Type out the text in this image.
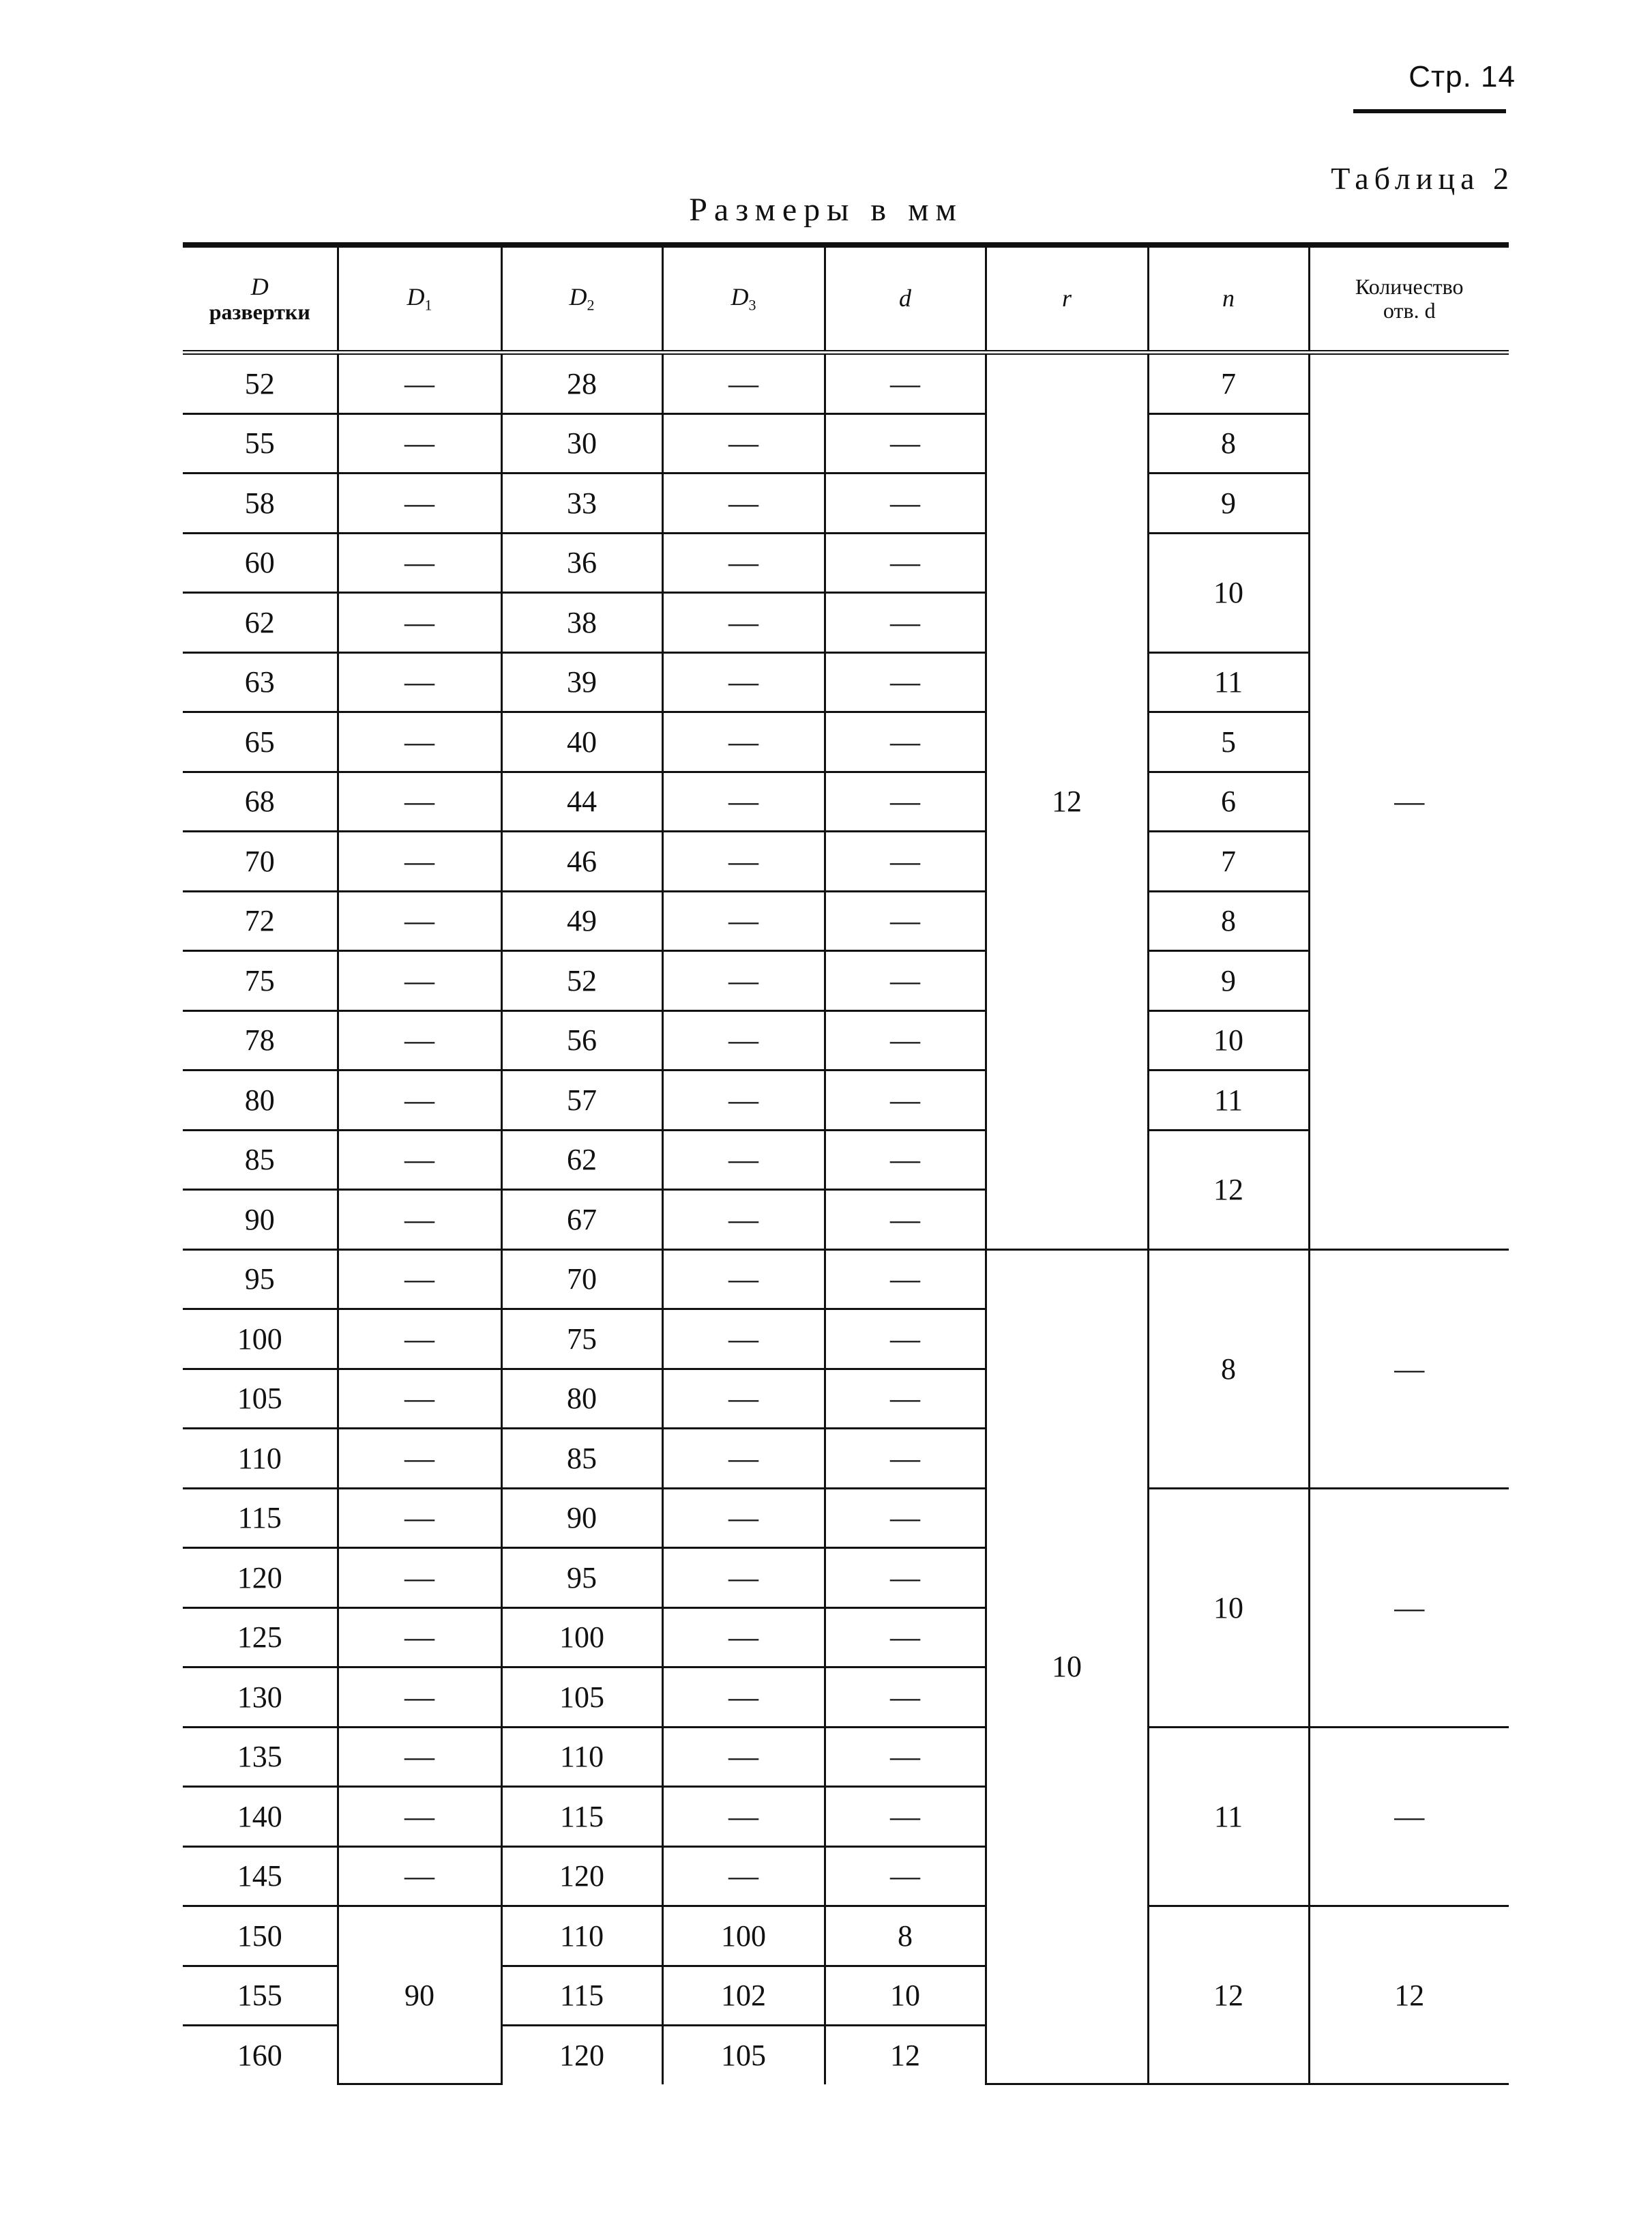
Стр. 14
Таблица 2
Размеры в мм
D
развертки	$D_1$	$D_2$	$D_3$	d	r	n	Количество
отв. d
52	—	28	—	—	12	7	—
55	—	30	—	—		8	
58	—	33	—	—		9	
60	—	36	—	—		10	
62	—	38	—	—			
63	—	39	—	—		11	
65	—	40	—	—		5	
68	—	44	—	—		6	
70	—	46	—	—		7	
72	—	49	—	—		8	
75	—	52	—	—		9	
78	—	56	—	—		10	
80	—	57	—	—		11	
85	—	62	—	—		12	
90	—	67	—	—			
95	—	70	—	—	10	8	—
100	—	75	—	—			
105	—	80	—	—			
110	—	85	—	—			
115	—	90	—	—		10	—
120	—	95	—	—			
125	—	100	—	—			
130	—	105	—	—			
135	—	110	—	—		11	—
140	—	115	—	—			
145	—	120	—	—			
150	90	110	100	8		12	12
155		115	102	10			
160		120	105	12			
